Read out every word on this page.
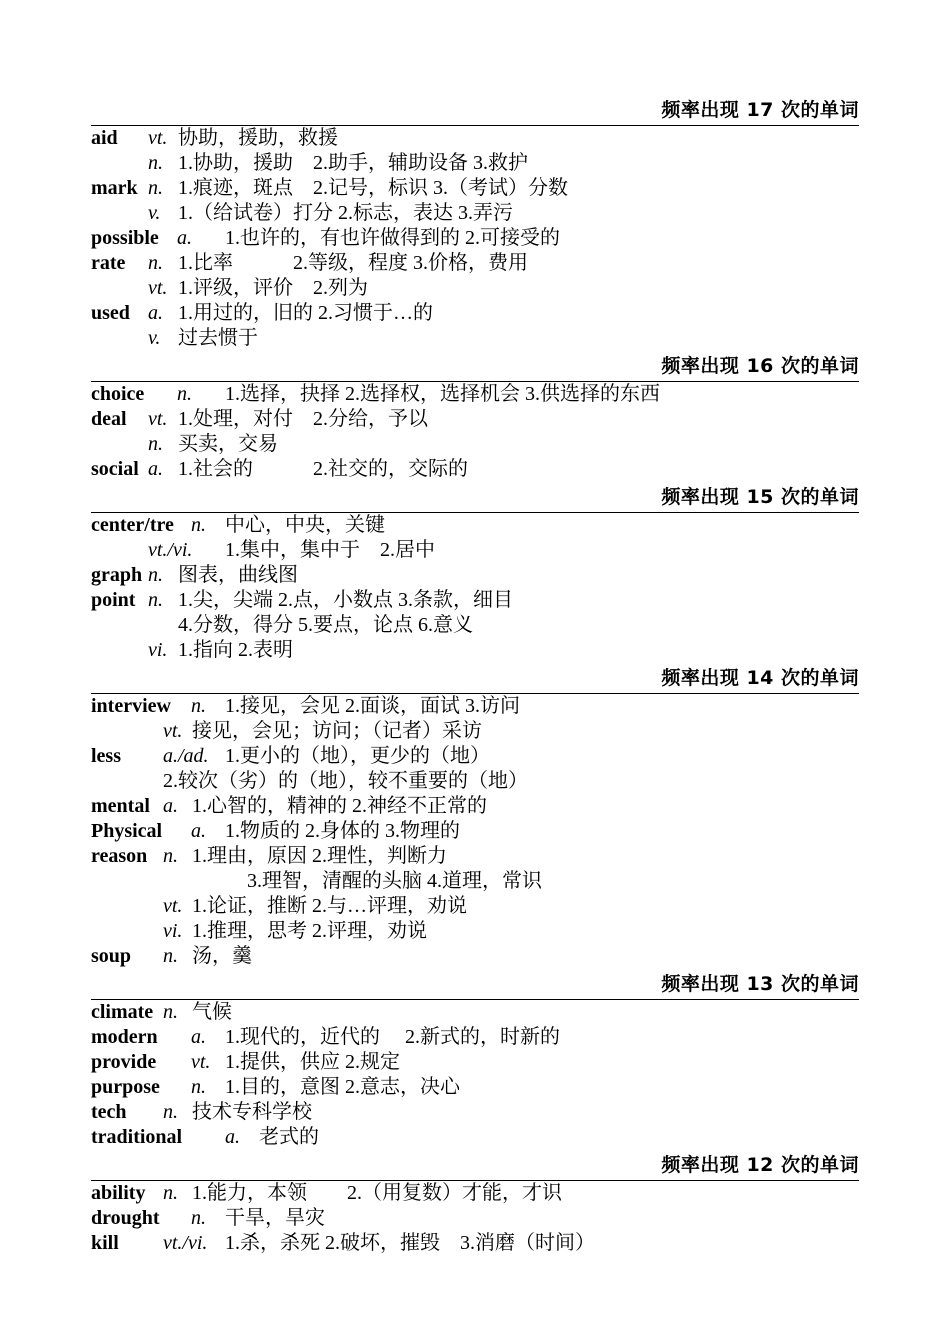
频率出现 17 次的单词
aid vt. 协助，援助，救援
n. 1.协助，援助　2.助手，辅助设备 3.救护
mark n. 1.痕迹，斑点　2.记号，标识 3.（考试）分数
v. 1.（给试卷）打分 2.标志，表达 3.弄污
possible a. 1.也许的，有也许做得到的 2.可接受的
rate n. 1.比率　　　2.等级，程度 3.价格，费用
vt. 1.评级，评价　2.列为
used a. 1.用过的，旧的 2.习惯于…的
v. 过去惯于
频率出现 16 次的单词
choice n. 1.选择，抉择 2.选择权，选择机会 3.供选择的东西
deal vt. 1.处理，对付　2.分给，予以
n. 买卖，交易
social a. 1.社会的　　　2.社交的，交际的
频率出现 15 次的单词
center/tre n. 中心，中央，关键
vt./vi. 1.集中，集中于　2.居中
graph n. 图表，曲线图
point n. 1.尖，尖端 2.点，小数点 3.条款，细目
4.分数，得分 5.要点，论点 6.意义
vi. 1.指向 2.表明
频率出现 14 次的单词
interview n. 1.接见，会见 2.面谈，面试 3.访问
vt. 接见，会见；访问；（记者）采访
less a./ad. 1.更小的（地），更少的（地）
2.较次（劣）的（地），较不重要的（地）
mental a. 1.心智的，精神的 2.神经不正常的
Physical a. 1.物质的 2.身体的 3.物理的
reason n. 1.理由，原因 2.理性，判断力
3.理智，清醒的头脑 4.道理，常识
vt. 1.论证，推断 2.与…评理，劝说
vi. 1.推理，思考 2.评理，劝说
soup n. 汤，羹
频率出现 13 次的单词
climate n. 气候
modern a. 1.现代的，近代的　 2.新式的，时新的
provide vt. 1.提供，供应 2.规定
purpose n. 1.目的，意图 2.意志，决心
tech n. 技术专科学校
traditional a. 老式的
频率出现 12 次的单词
ability n. 1.能力，本领　　2.（用复数）才能，才识
drought n. 干旱，旱灾
kill vt./vi. 1.杀，杀死 2.破坏，摧毁　3.消磨（时间）
